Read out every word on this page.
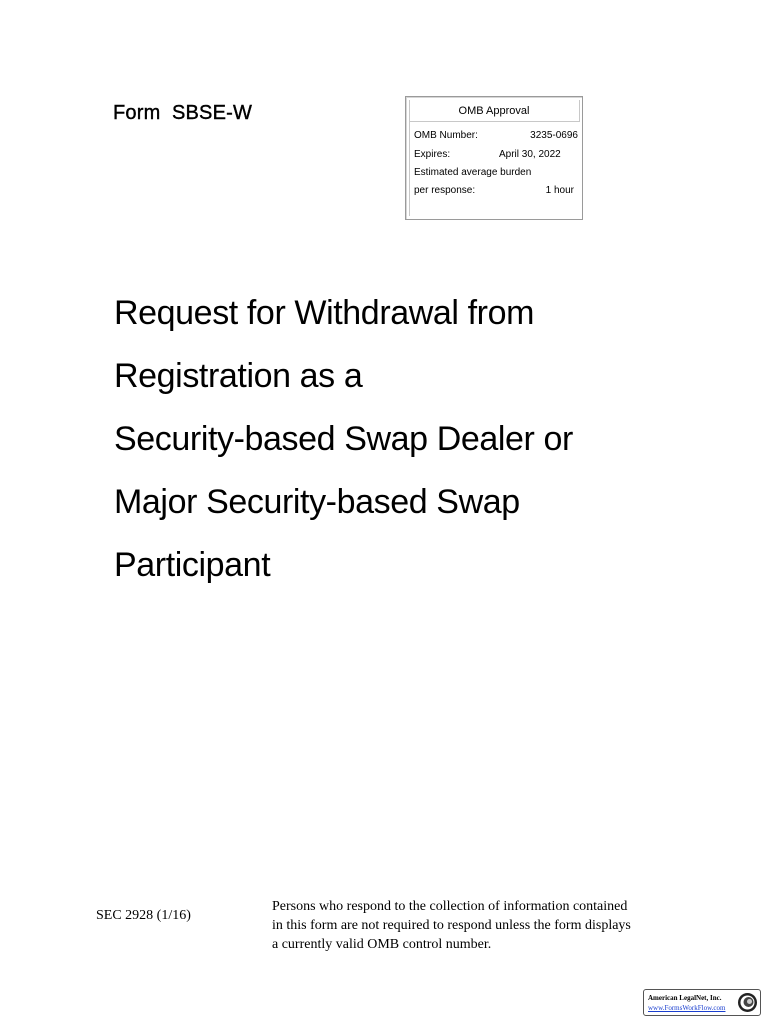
Form  SBSE-W	OMB Approval
OMB Number:	3235-0696
Expires:	April 30, 2022
Estimated average burden
per response:	1 hour
Request for Withdrawal from
Registration as a
Security-based Swap Dealer or
Major Security-based Swap
Participant
SEC 2928 (1/16)
Persons who respond to the collection of information contained
in this form are not required to respond unless the form displays
a currently valid OMB control number.
American LegalNet, Inc.
www.FormsWorkFlow.com
